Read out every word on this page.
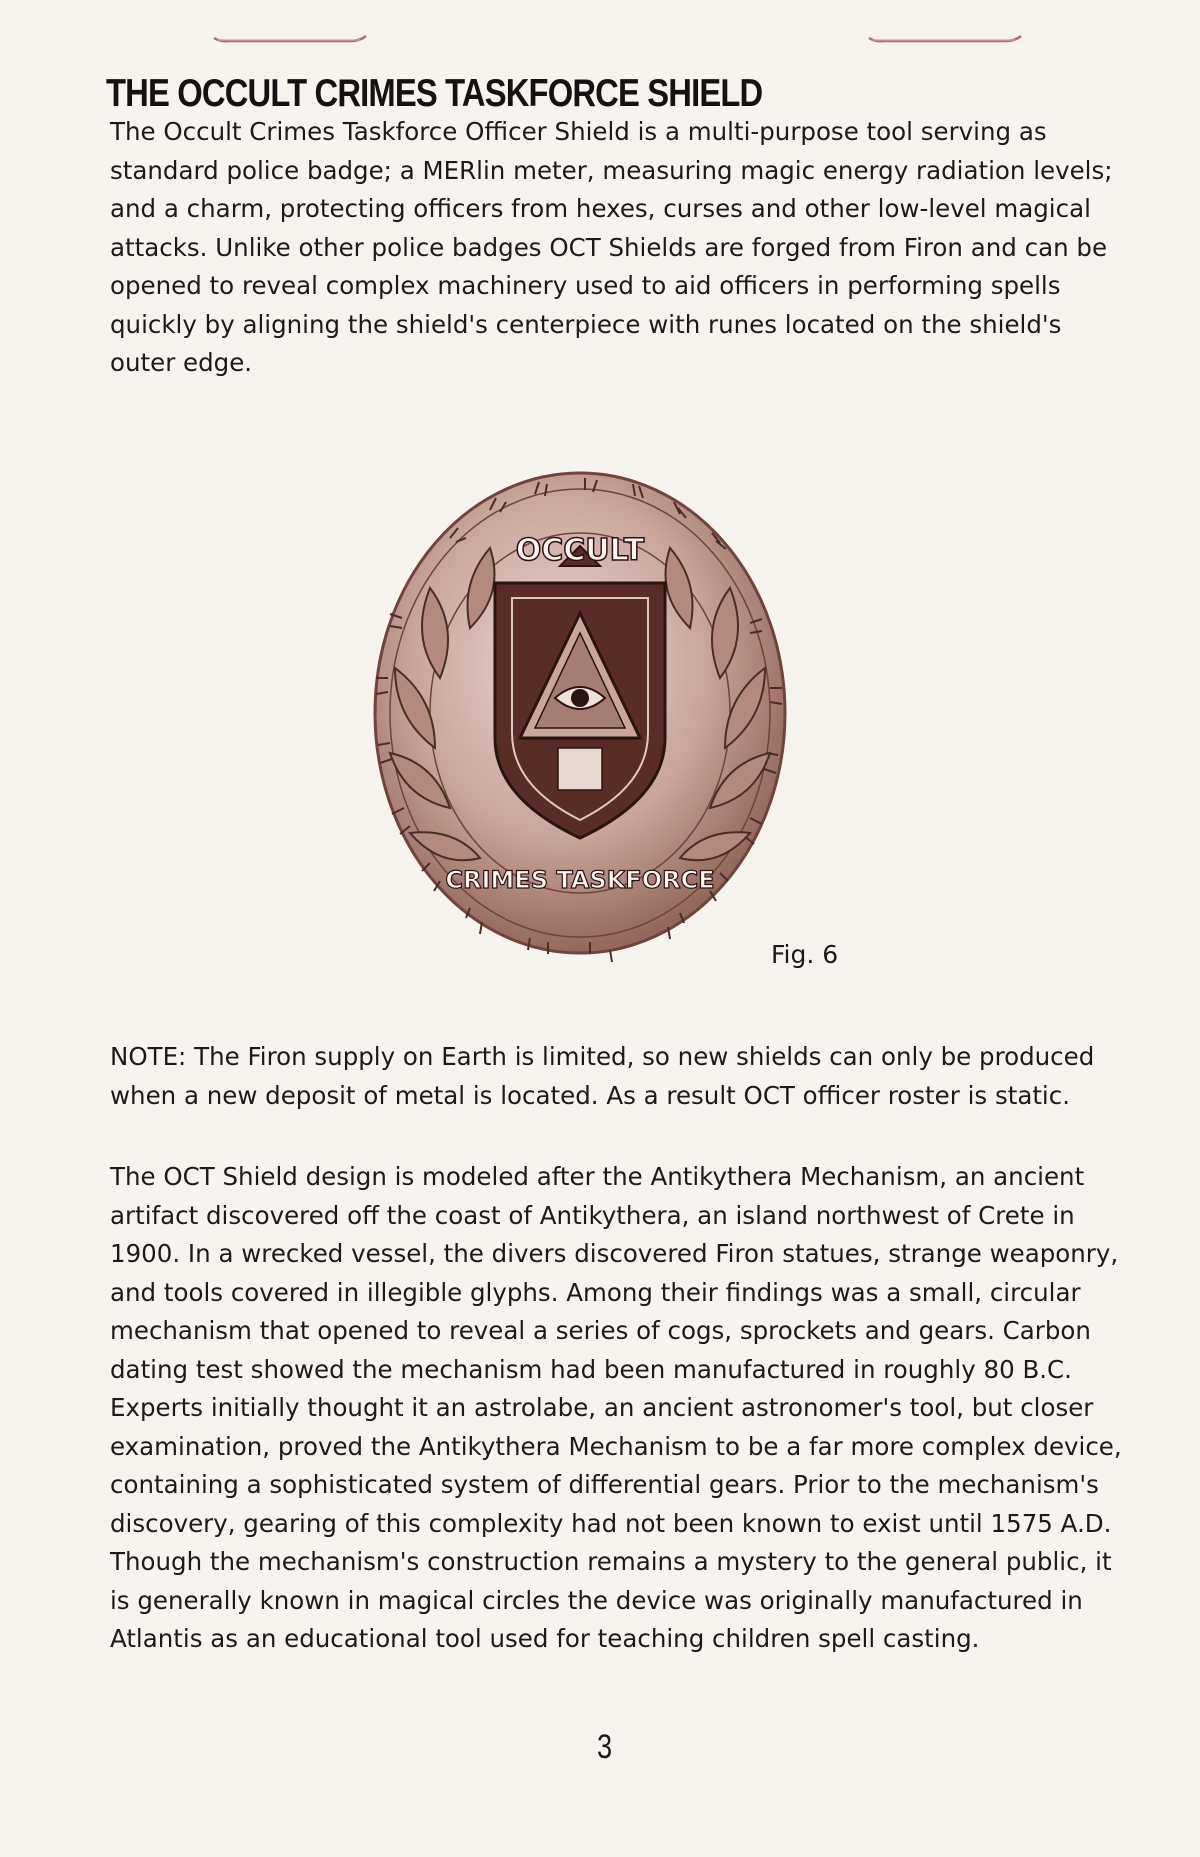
THE OCCULT CRIMES TASKFORCE SHIELD

The Occult Crimes Taskforce Officer Shield is a multi-purpose tool serving as standard police badge; a MERlin meter, measuring magic energy radiation levels; and a charm, protecting officers from hexes, curses and other low-level magical attacks. Unlike other police badges OCT Shields are forged from Firon and can be opened to reveal complex machinery used to aid officers in performing spells quickly by aligning the shield's centerpiece with runes located on the shield's outer edge.

OCCULT
CRIMES TASKFORCE
Fig. 6

NOTE: The Firon supply on Earth is limited, so new shields can only be produced when a new deposit of metal is located. As a result OCT officer roster is static.

The OCT Shield design is modeled after the Antikythera Mechanism, an ancient artifact discovered off the coast of Antikythera, an island northwest of Crete in 1900. In a wrecked vessel, the divers discovered Firon statues, strange weaponry, and tools covered in illegible glyphs. Among their findings was a small, circular mechanism that opened to reveal a series of cogs, sprockets and gears. Carbon dating test showed the mechanism had been manufactured in roughly 80 B.C. Experts initially thought it an astrolabe, an ancient astronomer's tool, but closer examination, proved the Antikythera Mechanism to be a far more complex device, containing a sophisticated system of differential gears. Prior to the mechanism's discovery, gearing of this complexity had not been known to exist until 1575 A.D. Though the mechanism's construction remains a mystery to the general public, it is generally known in magical circles the device was originally manufactured in Atlantis as an educational tool used for teaching children spell casting.

3
